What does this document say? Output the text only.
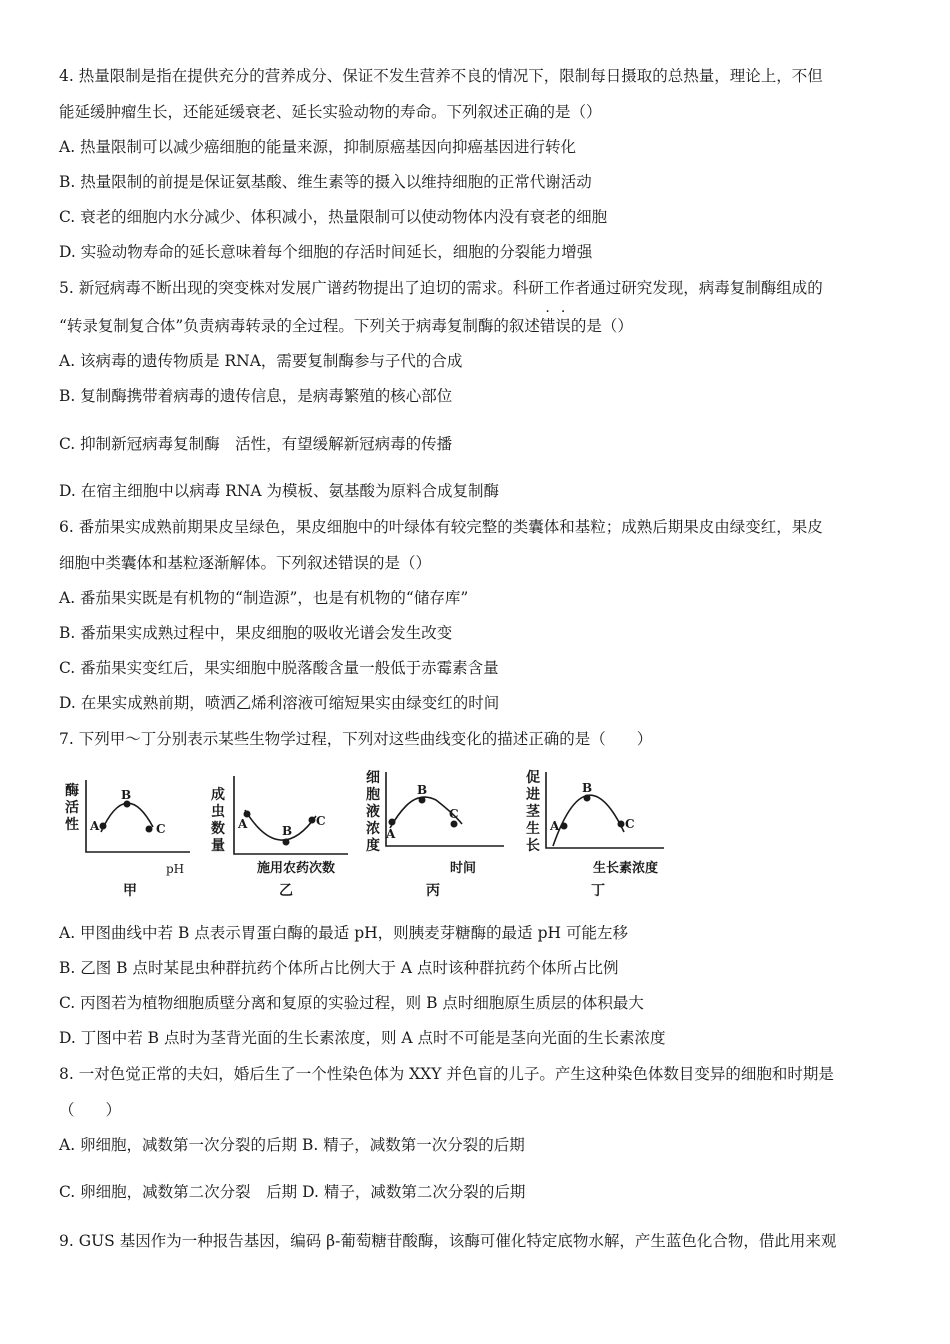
4. 热量限制是指在提供充分的营养成分、保证不发生营养不良的情况下，限制每日摄取的总热量，理论上，不但
能延缓肿瘤生长，还能延缓衰老、延长实验动物的寿命。下列叙述正确的是（）
A. 热量限制可以减少癌细胞的能量来源，抑制原癌基因向抑癌基因进行转化
B. 热量限制的前提是保证氨基酸、维生素等的摄入以维持细胞的正常代谢活动
C. 衰老的细胞内水分减少、体积减小，热量限制可以使动物体内没有衰老的细胞
D. 实验动物寿命的延长意味着每个细胞的存活时间延长，细胞的分裂能力增强
5. 新冠病毒不断出现的突变株对发展广谱药物提出了迫切的需求。科研工作者通过研究发现，病毒复制酶组成的
“转录复制复合体”负责病毒转录的全过程。下列关于病毒复制酶的叙述错误的是（）
A. 该病毒的遗传物质是 RNA，需要复制酶参与子代的合成
B. 复制酶携带着病毒的遗传信息，是病毒繁殖的核心部位
C. 抑制新冠病毒复制酶　活性，有望缓解新冠病毒的传播
D. 在宿主细胞中以病毒 RNA 为模板、氨基酸为原料合成复制酶
6. 番茄果实成熟前期果皮呈绿色，果皮细胞中的叶绿体有较完整的类囊体和基粒；成熟后期果皮由绿变红，果皮
细胞中类囊体和基粒逐渐解体。下列叙述错误的是（）
A. 番茄果实既是有机物的“制造源”，也是有机物的“储存库”
B. 番茄果实成熟过程中，果皮细胞的吸收光谱会发生改变
C. 番茄果实变红后，果实细胞中脱落酸含量一般低于赤霉素含量
D. 在果实成熟前期，喷洒乙烯利溶液可缩短果实由绿变红的时间
7. 下列甲～丁分别表示某些生物学过程，下列对这些曲线变化的描述正确的是（　　）
酶
活
性 A
B
C
pH
甲
成
虫
数
量
A	B
C
施用农药次数
乙
细
胞
液
浓
度
A
B
C
时间
丙
促
进
茎
生
长
A
B
C
生长素浓度
丁
A. 甲图曲线中若 B 点表示胃蛋白酶的最适 pH，则胰麦芽糖酶的最适 pH 可能左移
B. 乙图 B 点时某昆虫种群抗药个体所占比例大于 A 点时该种群抗药个体所占比例
C. 丙图若为植物细胞质壁分离和复原的实验过程，则 B 点时细胞原生质层的体积最大
D. 丁图中若 B 点时为茎背光面的生长素浓度，则 A 点时不可能是茎向光面的生长素浓度
8. 一对色觉正常的夫妇，婚后生了一个性染色体为 XXY 并色盲的儿子。产生这种染色体数目变异的细胞和时期是
（　　）
A. 卵细胞，减数第一次分裂的后期 B. 精子，减数第一次分裂的后期
C. 卵细胞，减数第二次分裂　后期 D. 精子，减数第二次分裂的后期
9. GUS 基因作为一种报告基因，编码 β-葡萄糖苷酸酶，该酶可催化特定底物水解，产生蓝色化合物，借此用来观
